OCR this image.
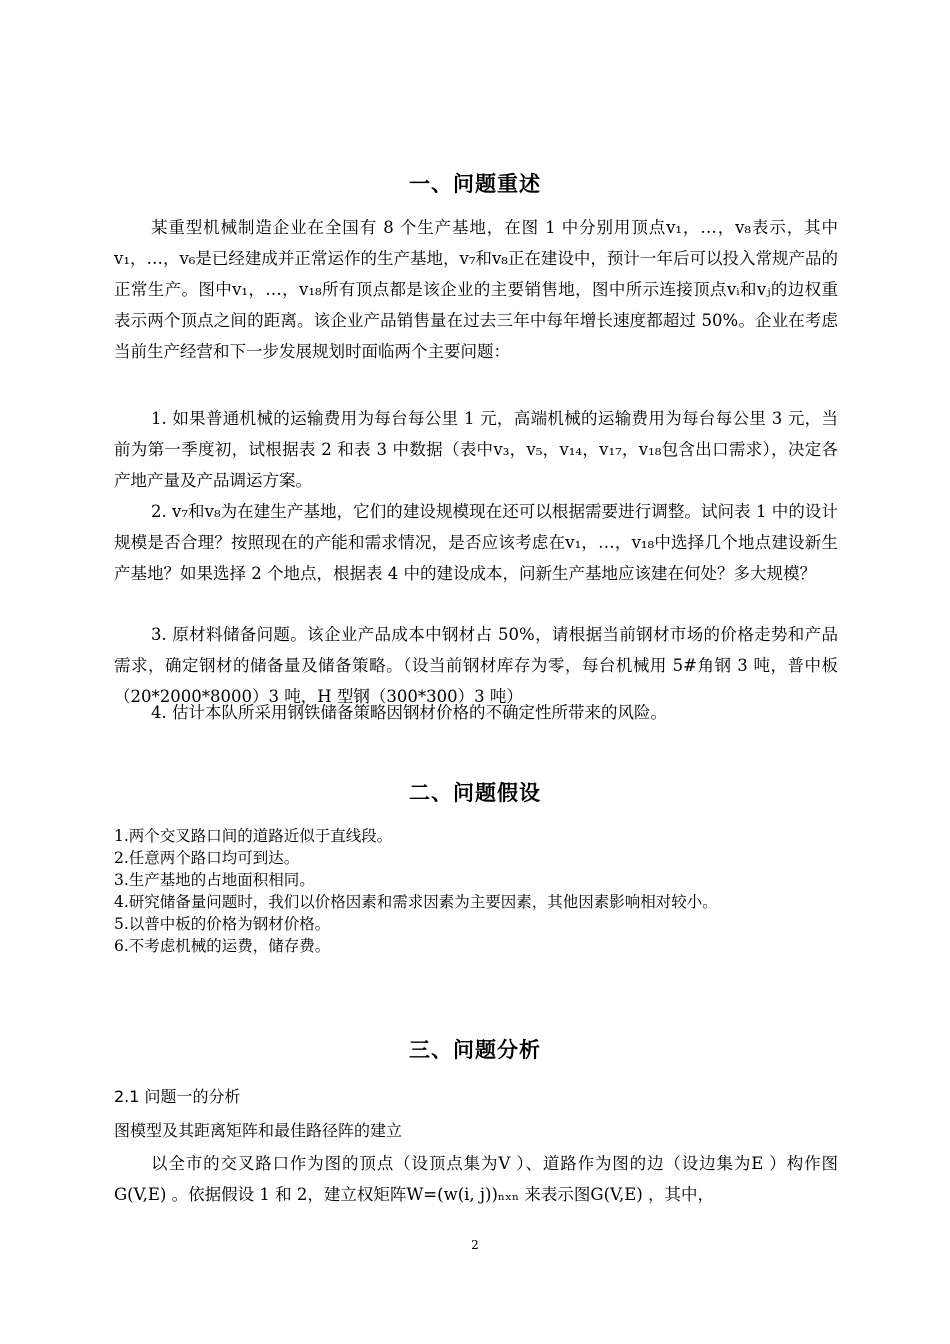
一、问题重述
某重型机械制造企业在全国有 8 个生产基地，在图 1 中分别用顶点v₁，…，v₈表示，其中v₁，…，v₆是已经建成并正常运作的生产基地，v₇和v₈正在建设中，预计一年后可以投入常规产品的正常生产。图中v₁，…，v₁₈所有顶点都是该企业的主要销售地，图中所示连接顶点vᵢ和vⱼ的边权重表示两个顶点之间的距离。该企业产品销售量在过去三年中每年增长速度都超过 50%。企业在考虑当前生产经营和下一步发展规划时面临两个主要问题：
1. 如果普通机械的运输费用为每台每公里 1 元，高端机械的运输费用为每台每公里 3 元，当前为第一季度初，试根据表 2 和表 3 中数据（表中v₃，v₅，v₁₄，v₁₇，v₁₈包含出口需求），决定各产地产量及产品调运方案。
2. v₇和v₈为在建生产基地，它们的建设规模现在还可以根据需要进行调整。试问表 1 中的设计规模是否合理？按照现在的产能和需求情况，是否应该考虑在v₁，…，v₁₈中选择几个地点建设新生产基地？如果选择 2 个地点，根据表 4 中的建设成本，问新生产基地应该建在何处？多大规模？
3. 原材料储备问题。该企业产品成本中钢材占 50%，请根据当前钢材市场的价格走势和产品需求，确定钢材的储备量及储备策略。（设当前钢材库存为零，每台机械用 5#角钢 3 吨，普中板（20*2000*8000）3 吨，H 型钢（300*300）3 吨）
4. 估计本队所采用钢铁储备策略因钢材价格的不确定性所带来的风险。
二、问题假设
1.两个交叉路口间的道路近似于直线段。
2.任意两个路口均可到达。
3.生产基地的占地面积相同。
4.研究储备量问题时，我们以价格因素和需求因素为主要因素，其他因素影响相对较小。
5.以普中板的价格为钢材价格。
6.不考虑机械的运费，储存费。
三、问题分析
2.1 问题一的分析
图模型及其距离矩阵和最佳路径阵的建立
以全市的交叉路口作为图的顶点（设顶点集为V ）、道路作为图的边（设边集为E ）构作图G(V,E) 。依据假设 1 和 2，建立权矩阵W=(w(i, j))ₙₓₙ 来表示图G(V,E) ，其中，
2
